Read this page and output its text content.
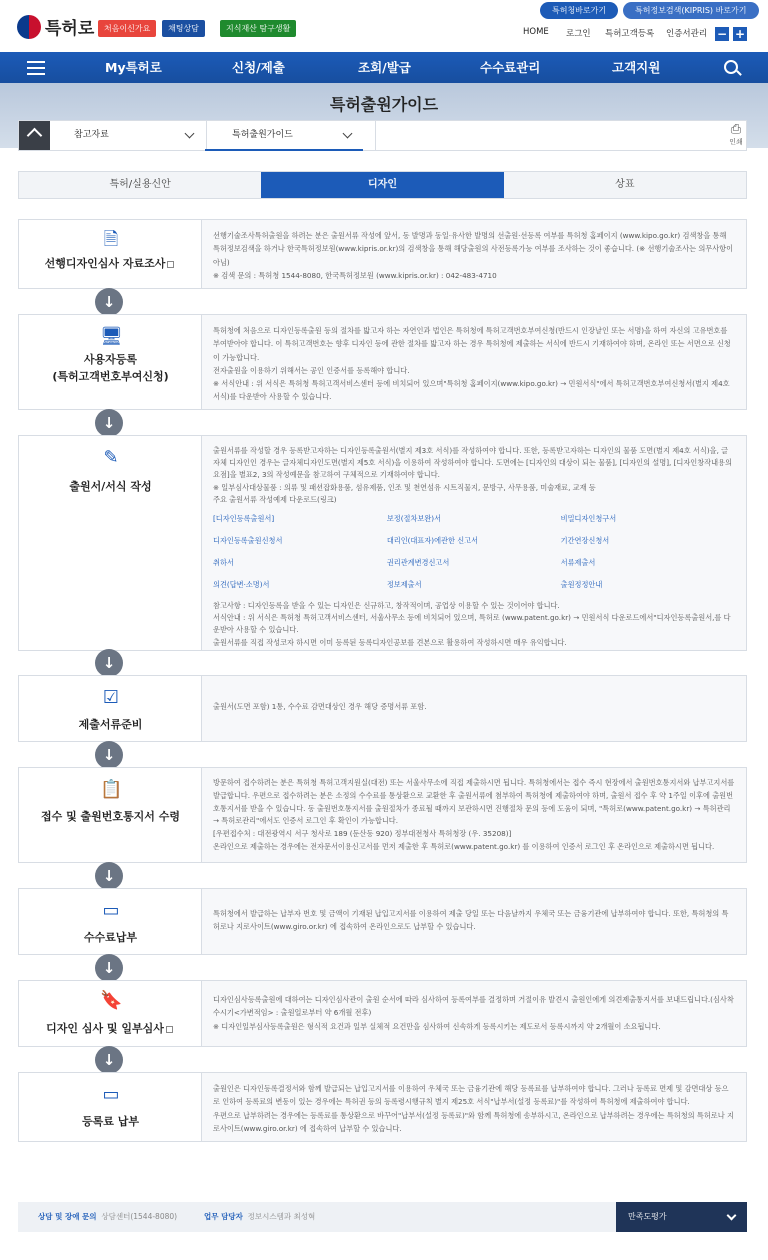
특허로	처음이신가요	채팅상담	지식재산 탐구생활
특허청바로가기	특허정보검색(KIPRIS) 바로가기
HOME 로그인 특허고객등록 인증서관리 − +
My특허로	신청/제출	조회/발급	수수료관리	고객지원
특허출원가이드
참고자료	특허출원가이드	⎙
인쇄
특허/실용신안	디자인	상표
🗎
선행디자인심사 자료조사

선행기술조사특허출원을 하려는 분은 출원서류 작성에 앞서, 동 발명과 동일·유사한 발명의 선출원·선등록 여부를 특허청 홈페이지 (www.kipo.go.kr) 검색창을 통해 특허정보검색을 하거나 한국특허정보원(www.kipris.or.kr)의 검색창을 통해 해당출원의 사전등록가능 여부를 조사하는 것이 좋습니다. (※ 선행기술조사는 의무사항이 아님)

※ 검색 문의 : 특허청 1544-8080, 한국특허정보원 (www.kipris.or.kr) : 042-483-4710

↓
🖥
사용자등록
(특허고객번호부여신청)

특허청에 처음으로 디자인등록출원 등의 절차를 밟고자 하는 자연인과 법인은 특허청에 특허고객번호부여신청(반드시 인장날인 또는 서명)을 하여 자신의 고유번호를 부여받아야 합니다. 이 특허고객번호는 향후 디자인 등에 관한 절차를 밟고자 하는 경우 특허청에 제출하는 서식에 반드시 기재하여야 하며, 온라인 또는 서면으로 신청이 가능합니다.

전자출원을 이용하기 위해서는 공인 인증서를 등록해야 합니다.

※ 서식안내 : 위 서식은 특허청 특허고객서비스센터 등에 비치되어 있으며"특허청 홈페이지(www.kipo.go.kr) → 민원서식"에서 특허고객번호부여신청서(별지 제4호 서식)를 다운받아 사용할 수 있습니다.

↓
✎
출원서/서식 작성

출원서류를 작성할 경우 등록받고자하는 디자인등록출원서(별지 제3호 서식)를 작성하여야 합니다. 또한, 등록받고자하는 디자인의 물품 도면(별지 제4호 서식)을, 글자체 디자인인 경우는 글자체디자인도면(별지 제5호 서식)을 이용하여 작성하여야 합니다. 도면에는 [디자인의 대상이 되는 물품], [디자인의 설명], [디자인창작내용의 요점]을 별표2, 3의 작성예문을 참고하여 구체적으로 기재하여야 합니다.

※ 일부심사대상물품 : 의류 및 패션잡화용품, 섬유제품, 인조 및 천연섬유 시트직물지, 문방구, 사무용품, 미술재료, 교재 등

주요 출원서류 작성예제 다운로드(링크)

[디자인등록출원서]	보정(절차보완)서	비밀디자인청구서
디자인등록출원신청서	대리인(대표자)에관한 신고서	기간연장신청서
취하서	권리관계변경신고서	서류제출서
의견(답변·소명)서	정보제출서	출원정정안내

참고사항 : 디자인등록을 받을 수 있는 디자인은 신규하고, 창작적이며, 공업상 이용할 수 있는 것이어야 합니다.

서식안내 : 위 서식은 특허청 특허고객서비스센터, 서울사무소 등에 비치되어 있으며, 특허로 (www.patent.go.kr) → 민원서식 다운로드에서"디자인등록출원서,를 다운받아 사용할 수 있습니다.

출원서류를 직접 작성코자 하시면 이미 등록된 등록디자인공보를 견본으로 활용하여 작성하시면 매우 유익합니다.

↓
☑
제출서류준비

출원서(도면 포함) 1통, 수수료 감면대상인 경우 해당 증명서류 포함.

↓
📋
접수 및 출원번호통지서 수령

방문하여 접수하려는 분은 특허청 특허고객지원실(대전) 또는 서울사무소에 직접 제출하시면 됩니다. 특허청에서는 접수 즉시 현장에서 출원번호통지서와 납부고지서를 발급합니다. 우편으로 접수하려는 분은 소정의 수수료를 통상환으로 교환한 후 출원서류에 첨부하여 특허청에 제출하여야 하며, 출원서 접수 후 약 1주일 이후에 출원번호통지서를 받을 수 있습니다. 동 출원번호통지서를 출원절차가 종료될 때까지 보관하시면 진행절차 문의 등에 도움이 되며, "특허로(www.patent.go.kr) → 특허관리 → 특허로관리"에서도 인증서 로그인 후 확인이 가능합니다.

[우편접수처 : 대전광역시 서구 청사로 189 (둔산동 920) 정부대전청사 특허청장 (우. 35208)]

온라인으로 제출하는 경우에는 전자문서이용신고서를 먼저 제출한 후 특허로(www.patent.go.kr) 를 이용하여 인증서 로그인 후 온라인으로 제출하시면 됩니다.

↓
▭
수수료납부

특허청에서 발급하는 납부자 번호 및 금액이 기재된 납입고지서를 이용하여 제출 당일 또는 다음날까지 우체국 또는 금융기관에 납부하여야 합니다. 또한, 특허청의 특허로나 지로사이트(www.giro.or.kr) 에 접속하여 온라인으로도 납부할 수 있습니다.

↓
🔖
디자인 심사 및 일부심사

디자인심사등록출원에 대하여는 디자인심사관이 출원 순서에 따라 심사하여 등록여부를 결정하며 거절이유 발견시 출원인에게 의견제출통지서를 보내드립니다.(심사착수시기<가변적임> : 출원일로부터 약 6개월 전후)

※ 디자인일부심사등록출원은 형식적 요건과 일부 실체적 요건만을 심사하여 신속하게 등록시키는 제도로서 등록시까지 약 2개월이 소요됩니다.

↓
▭
등록료 납부

출원인은 디자인등록결정서와 함께 발급되는 납입고지서를 이용하여 우체국 또는 금융기관에 해당 등록료를 납부하여야 합니다. 그러나 등록료 면제 및 감면대상 등으로 인하여 등록료의 변동이 있는 경우에는 특허권 등의 등록령시행규칙 별지 제25호 서식"납부서(설정 등록료)"를 작성하여 특허청에 제출하여야 합니다.

우편으로 납부하려는 경우에는 등록료를 통상환으로 바꾸어"납부서(설정 등록료)"와 함께 특허청에 송부하시고, 온라인으로 납부하려는 경우에는 특허청의 특허로나 지로사이트(www.giro.or.kr) 에 접속하여 납부할 수 있습니다.

상담 및 장애 문의 상담센터(1544-8080)	업무 담당자 정보시스템과 최성혁	만족도평가
